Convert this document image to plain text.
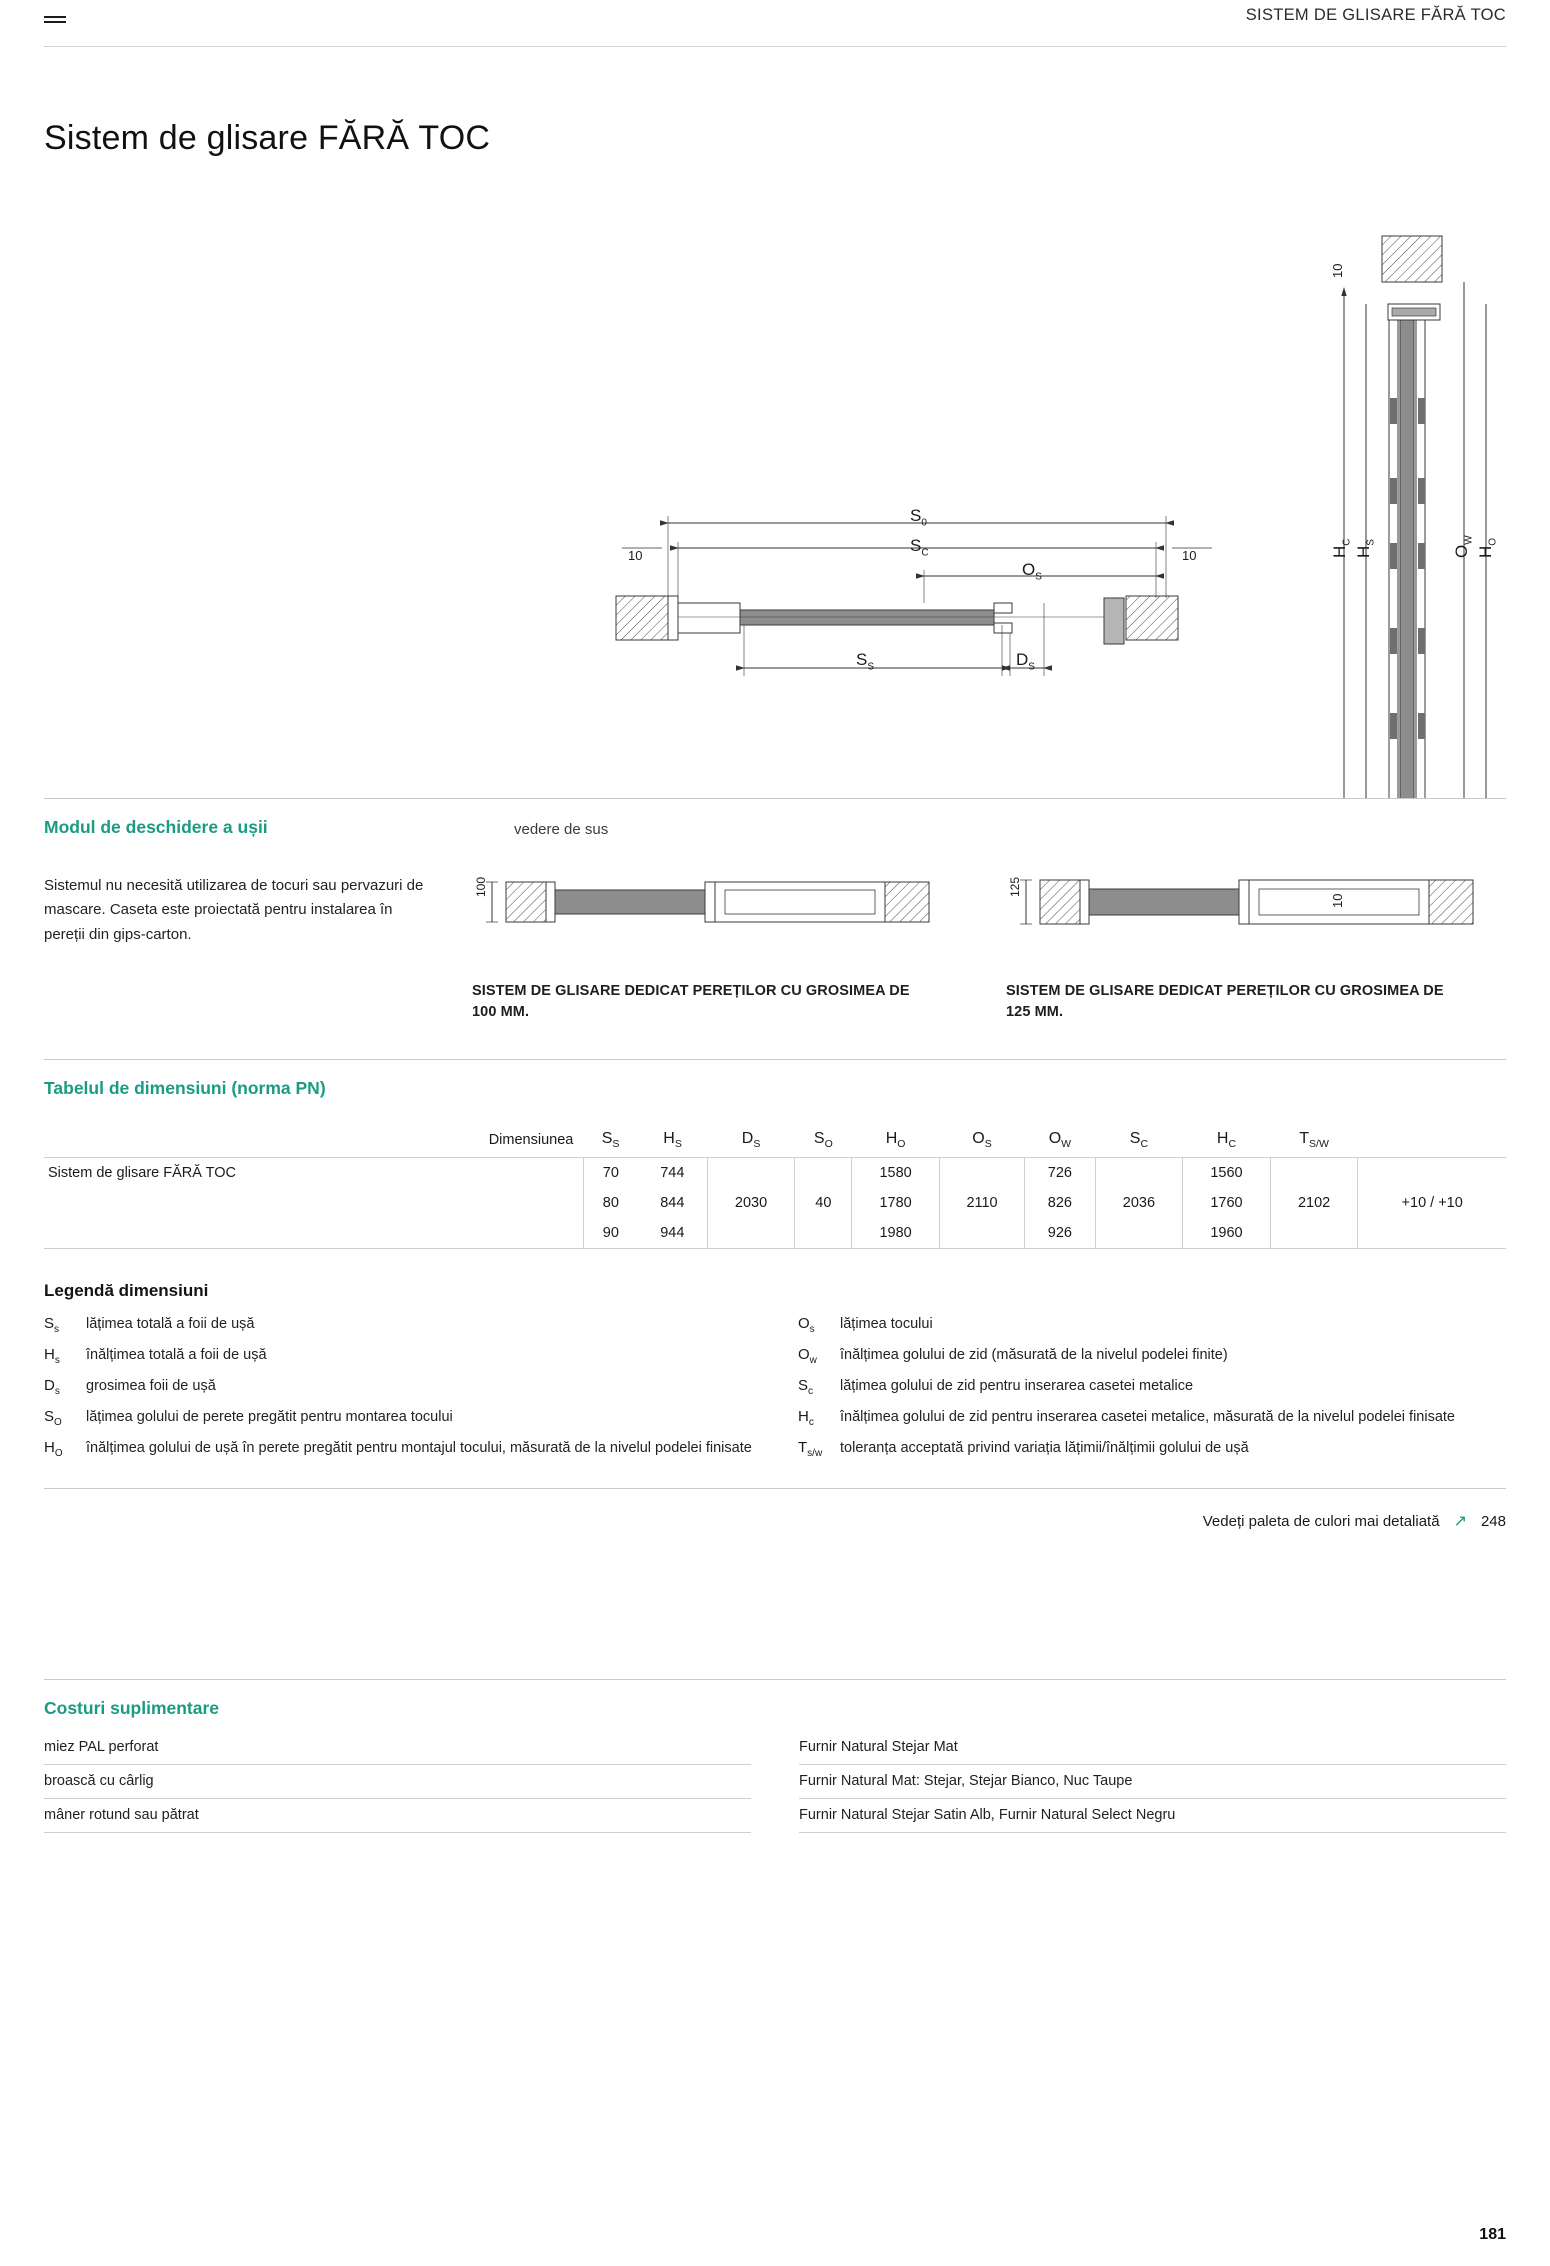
SISTEM DE GLISARE FĂRĂ TOC
Sistem de glisare FĂRĂ TOC
$S_0$
$S_C$
$O_S$
$S_S$	$D_S$
10	10	$H_C$
$H_S$
$O_W$
$H_O$
10
10
Modul de deschidere a ușii	vedere de sus
Sistemul nu necesită utilizarea de tocuri sau pervazuri de mascare. Caseta este proiectată pentru instalarea în pereții din gips-carton.
100
SISTEM DE GLISARE DEDICAT PEREȚILOR CU GROSIMEA DE 100 MM.
125
SISTEM DE GLISARE DEDICAT PEREȚILOR CU GROSIMEA DE 125 MM.
Tabelul de dimensiuni (norma PN)
	Dimensiunea	$S_S$	$H_S$	$D_S$	$S_O$	$H_O$	$O_S$	$O_W$	$S_C$	$H_C$	$T_{S/W}$
Sistem de glisare FĂRĂ TOC		70	744	2030	40	1580	2110	726	2036	1560	2102	+10 / +10
		80	844			1780		826		1760		
		90	944			1980		926		1960		
Legendă dimensiuni
$S_s$	lățimea totală a foii de ușă
$H_s$	înălțimea totală a foii de ușă
$D_s$	grosimea foii de ușă
$S_O$	lățimea golului de perete pregătit pentru montarea tocului
$H_O$	înălțimea golului de ușă în perete pregătit pentru montajul tocului, măsurată de la nivelul podelei finisate
$O_s$	lățimea tocului
$O_w$	înălțimea golului de zid (măsurată de la nivelul podelei finite)
$S_c$	lățimea golului de zid pentru inserarea casetei metalice
$H_c$	înălțimea golului de zid pentru inserarea casetei metalice, măsurată de la nivelul podelei finisate
$T_{s/w}$	toleranța acceptată privind variația lățimii/înălțimii golului de ușă
Vedeți paleta de culori mai detaliată ↗ 248
Costuri suplimentare
miez PAL perforat
broască cu cârlig
mâner rotund sau pătrat
Furnir Natural Stejar Mat
Furnir Natural Mat: Stejar, Stejar Bianco, Nuc Taupe
Furnir Natural Stejar Satin Alb, Furnir Natural Select Negru
181
